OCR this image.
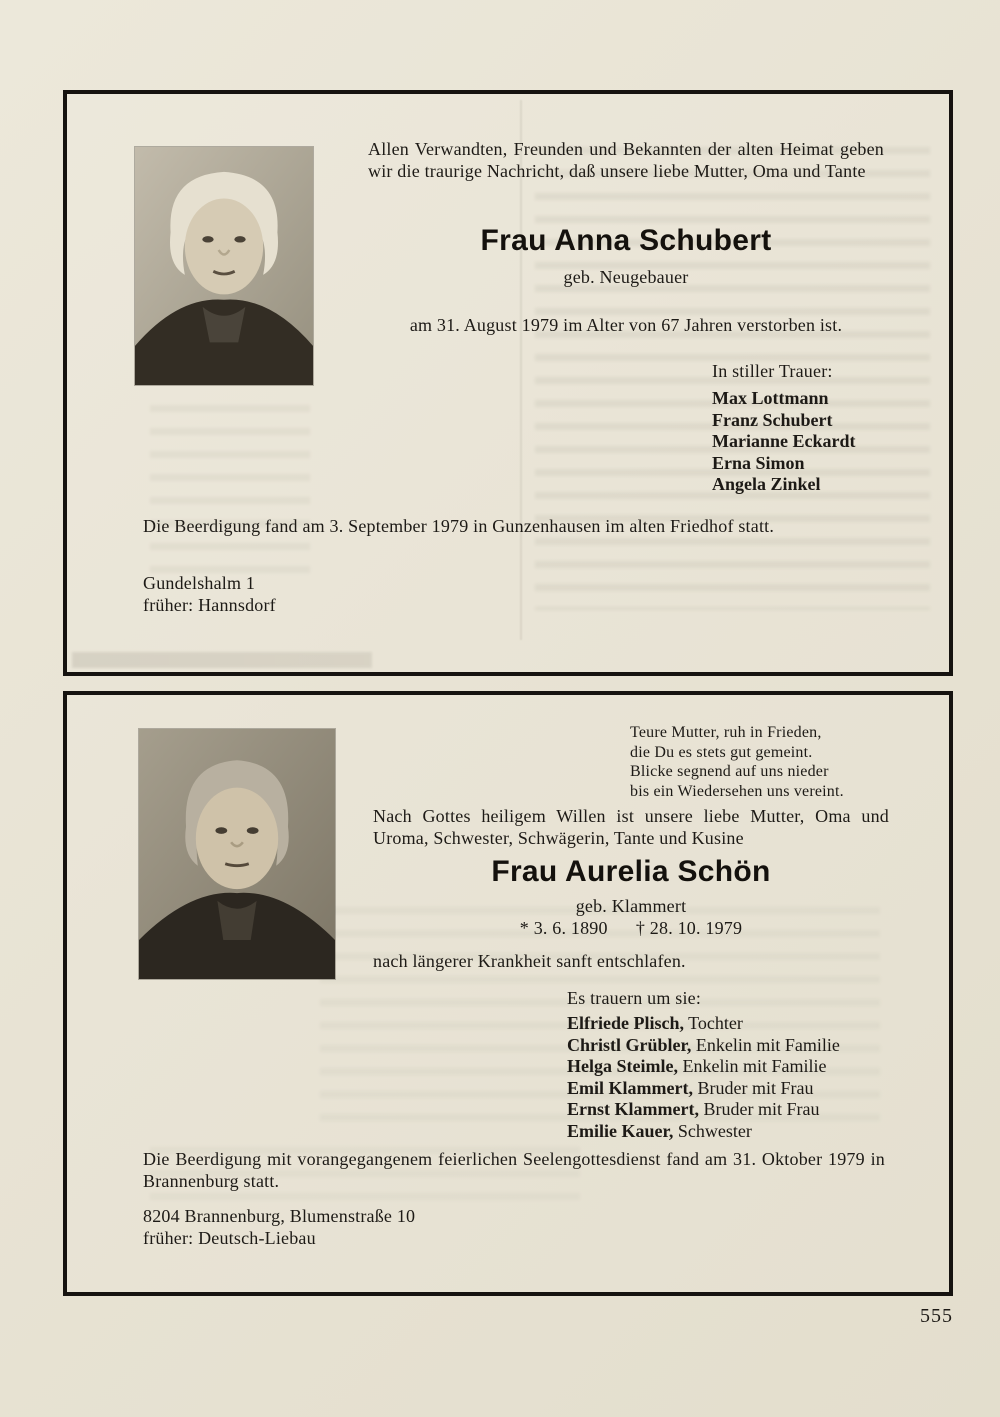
Allen Verwandten, Freunden und Bekannten der alten Heimat geben wir die traurige Nachricht, daß unsere liebe Mutter, Oma und Tante

Frau Anna Schubert
geb. Neugebauer
am 31. August 1979 im Alter von 67 Jahren verstorben ist.
In stiller Trauer:
Max Lottmann
Franz Schubert
Marianne Eckardt
Erna Simon
Angela Zinkel

Die Beerdigung fand am 3. September 1979 in Gunzenhausen im alten Friedhof statt.

Gundelshalm 1
früher: Hannsdorf
Teure Mutter, ruh in Frieden,
die Du es stets gut gemeint.
Blicke segnend auf uns nieder
bis ein Wiedersehen uns vereint.

Nach Gottes heiligem Willen ist unsere liebe Mutter, Oma und Uroma, Schwester, Schwägerin, Tante und Kusine

Frau Aurelia Schön
geb. Klammert
* 3. 6. 1890      † 28. 10. 1979
nach längerer Krankheit sanft entschlafen.
Es trauern um sie:
Elfriede Plisch, Tochter
Christl Grübler, Enkelin mit Familie
Helga Steimle, Enkelin mit Familie
Emil Klammert, Bruder mit Frau
Ernst Klammert, Bruder mit Frau
Emilie Kauer, Schwester

Die Beerdigung mit vorangegangenem feierlichen Seelengottesdienst fand am 31. Oktober 1979 in Brannenburg statt.

8204 Brannenburg, Blumenstraße 10
früher: Deutsch-Liebau
555
